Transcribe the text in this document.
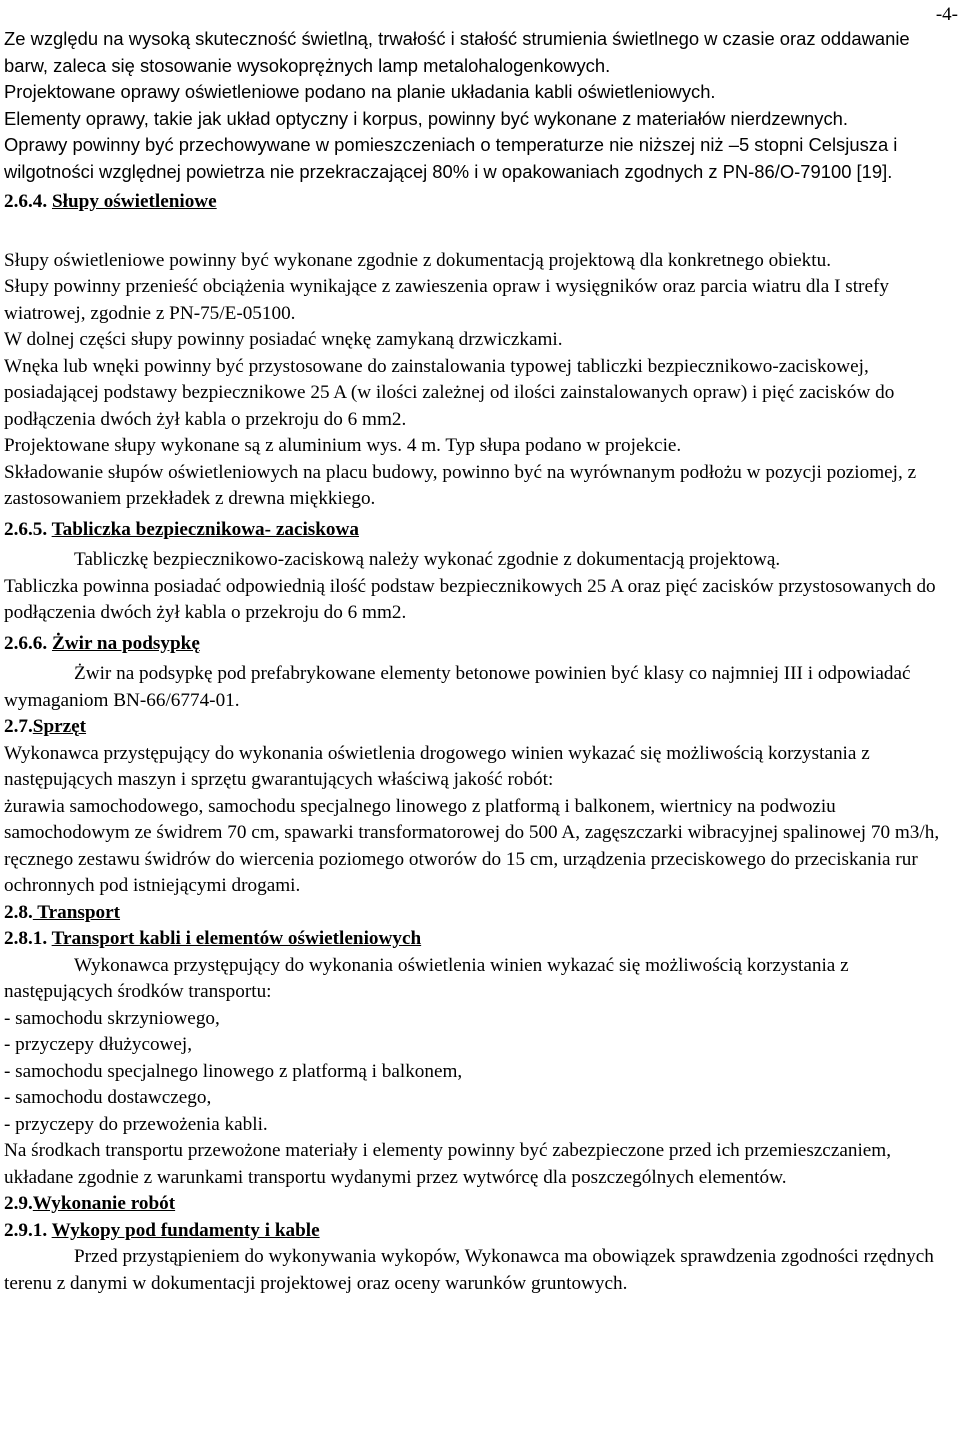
-4-

Ze względu na wysoką skuteczność świetlną, trwałość i stałość strumienia świetlnego w czasie oraz oddawanie barw, zaleca się stosowanie wysokoprężnych lamp metalohalogenkowych.

Projektowane oprawy oświetleniowe podano na planie układania kabli oświetleniowych.

Elementy oprawy, takie jak układ optyczny i korpus, powinny być wykonane z materiałów nierdzewnych.

Oprawy powinny być przechowywane w pomieszczeniach o temperaturze nie niższej niż –5 stopni Celsjusza i wilgotności względnej powietrza nie przekraczającej 80% i w opakowaniach zgodnych z PN-86/O-79100 [19].

2.6.4. Słupy oświetleniowe

Słupy oświetleniowe powinny być wykonane zgodnie z dokumentacją projektową dla konkretnego obiektu.

Słupy powinny przenieść obciążenia wynikające z zawieszenia opraw i wysięgników oraz parcia wiatru dla I strefy wiatrowej, zgodnie z PN-75/E-05100.

W dolnej części słupy powinny posiadać wnękę zamykaną drzwiczkami.

Wnęka lub wnęki powinny być przystosowane do zainstalowania typowej tabliczki bezpiecznikowo-zaciskowej, posiadającej podstawy bezpiecznikowe 25 A (w ilości zależnej od ilości zainstalowanych opraw) i pięć zacisków do podłączenia dwóch żył kabla o przekroju do 6 mm2.

Projektowane słupy wykonane są z aluminium wys. 4 m. Typ słupa podano w projekcie.

Składowanie słupów oświetleniowych na placu budowy, powinno być na wyrównanym podłożu w pozycji poziomej, z zastosowaniem przekładek z drewna miękkiego.

2.6.5. Tabliczka bezpiecznikowa- zaciskowa

Tabliczkę bezpiecznikowo-zaciskową należy wykonać zgodnie z dokumentacją projektową.

Tabliczka powinna posiadać odpowiednią ilość podstaw bezpiecznikowych 25 A oraz pięć zacisków przystosowanych do podłączenia dwóch żył kabla o przekroju do 6 mm2.

2.6.6. Żwir na podsypkę

Żwir na podsypkę pod prefabrykowane elementy betonowe powinien być klasy co najmniej III i odpowiadać wymaganiom BN-66/6774-01.

2.7.Sprzęt

Wykonawca przystępujący do wykonania oświetlenia drogowego winien wykazać się możliwością korzystania z następujących maszyn i sprzętu gwarantujących właściwą jakość robót:

żurawia samochodowego, samochodu specjalnego linowego z platformą i balkonem, wiertnicy na podwoziu samochodowym ze świdrem 70 cm, spawarki transformatorowej do 500 A, zagęszczarki wibracyjnej spalinowej 70 m3/h, ręcznego zestawu świdrów do wiercenia poziomego otworów do 15 cm, urządzenia przeciskowego do przeciskania rur ochronnych pod istniejącymi drogami.

2.8. Transport

2.8.1. Transport kabli i elementów oświetleniowych

Wykonawca przystępujący do wykonania oświetlenia winien wykazać się możliwością korzystania z następujących środków transportu:

- samochodu skrzyniowego,

- przyczepy dłużycowej,

- samochodu specjalnego linowego z platformą i balkonem,

- samochodu dostawczego,

- przyczepy do przewożenia kabli.

Na środkach transportu przewożone materiały i elementy powinny być zabezpieczone przed ich przemieszczaniem, układane zgodnie z warunkami transportu wydanymi przez wytwórcę dla poszczególnych elementów.

2.9.Wykonanie robót

2.9.1. Wykopy pod fundamenty i kable

Przed przystąpieniem do wykonywania wykopów, Wykonawca ma obowiązek sprawdzenia zgodności rzędnych terenu z danymi w dokumentacji projektowej oraz oceny warunków gruntowych.
